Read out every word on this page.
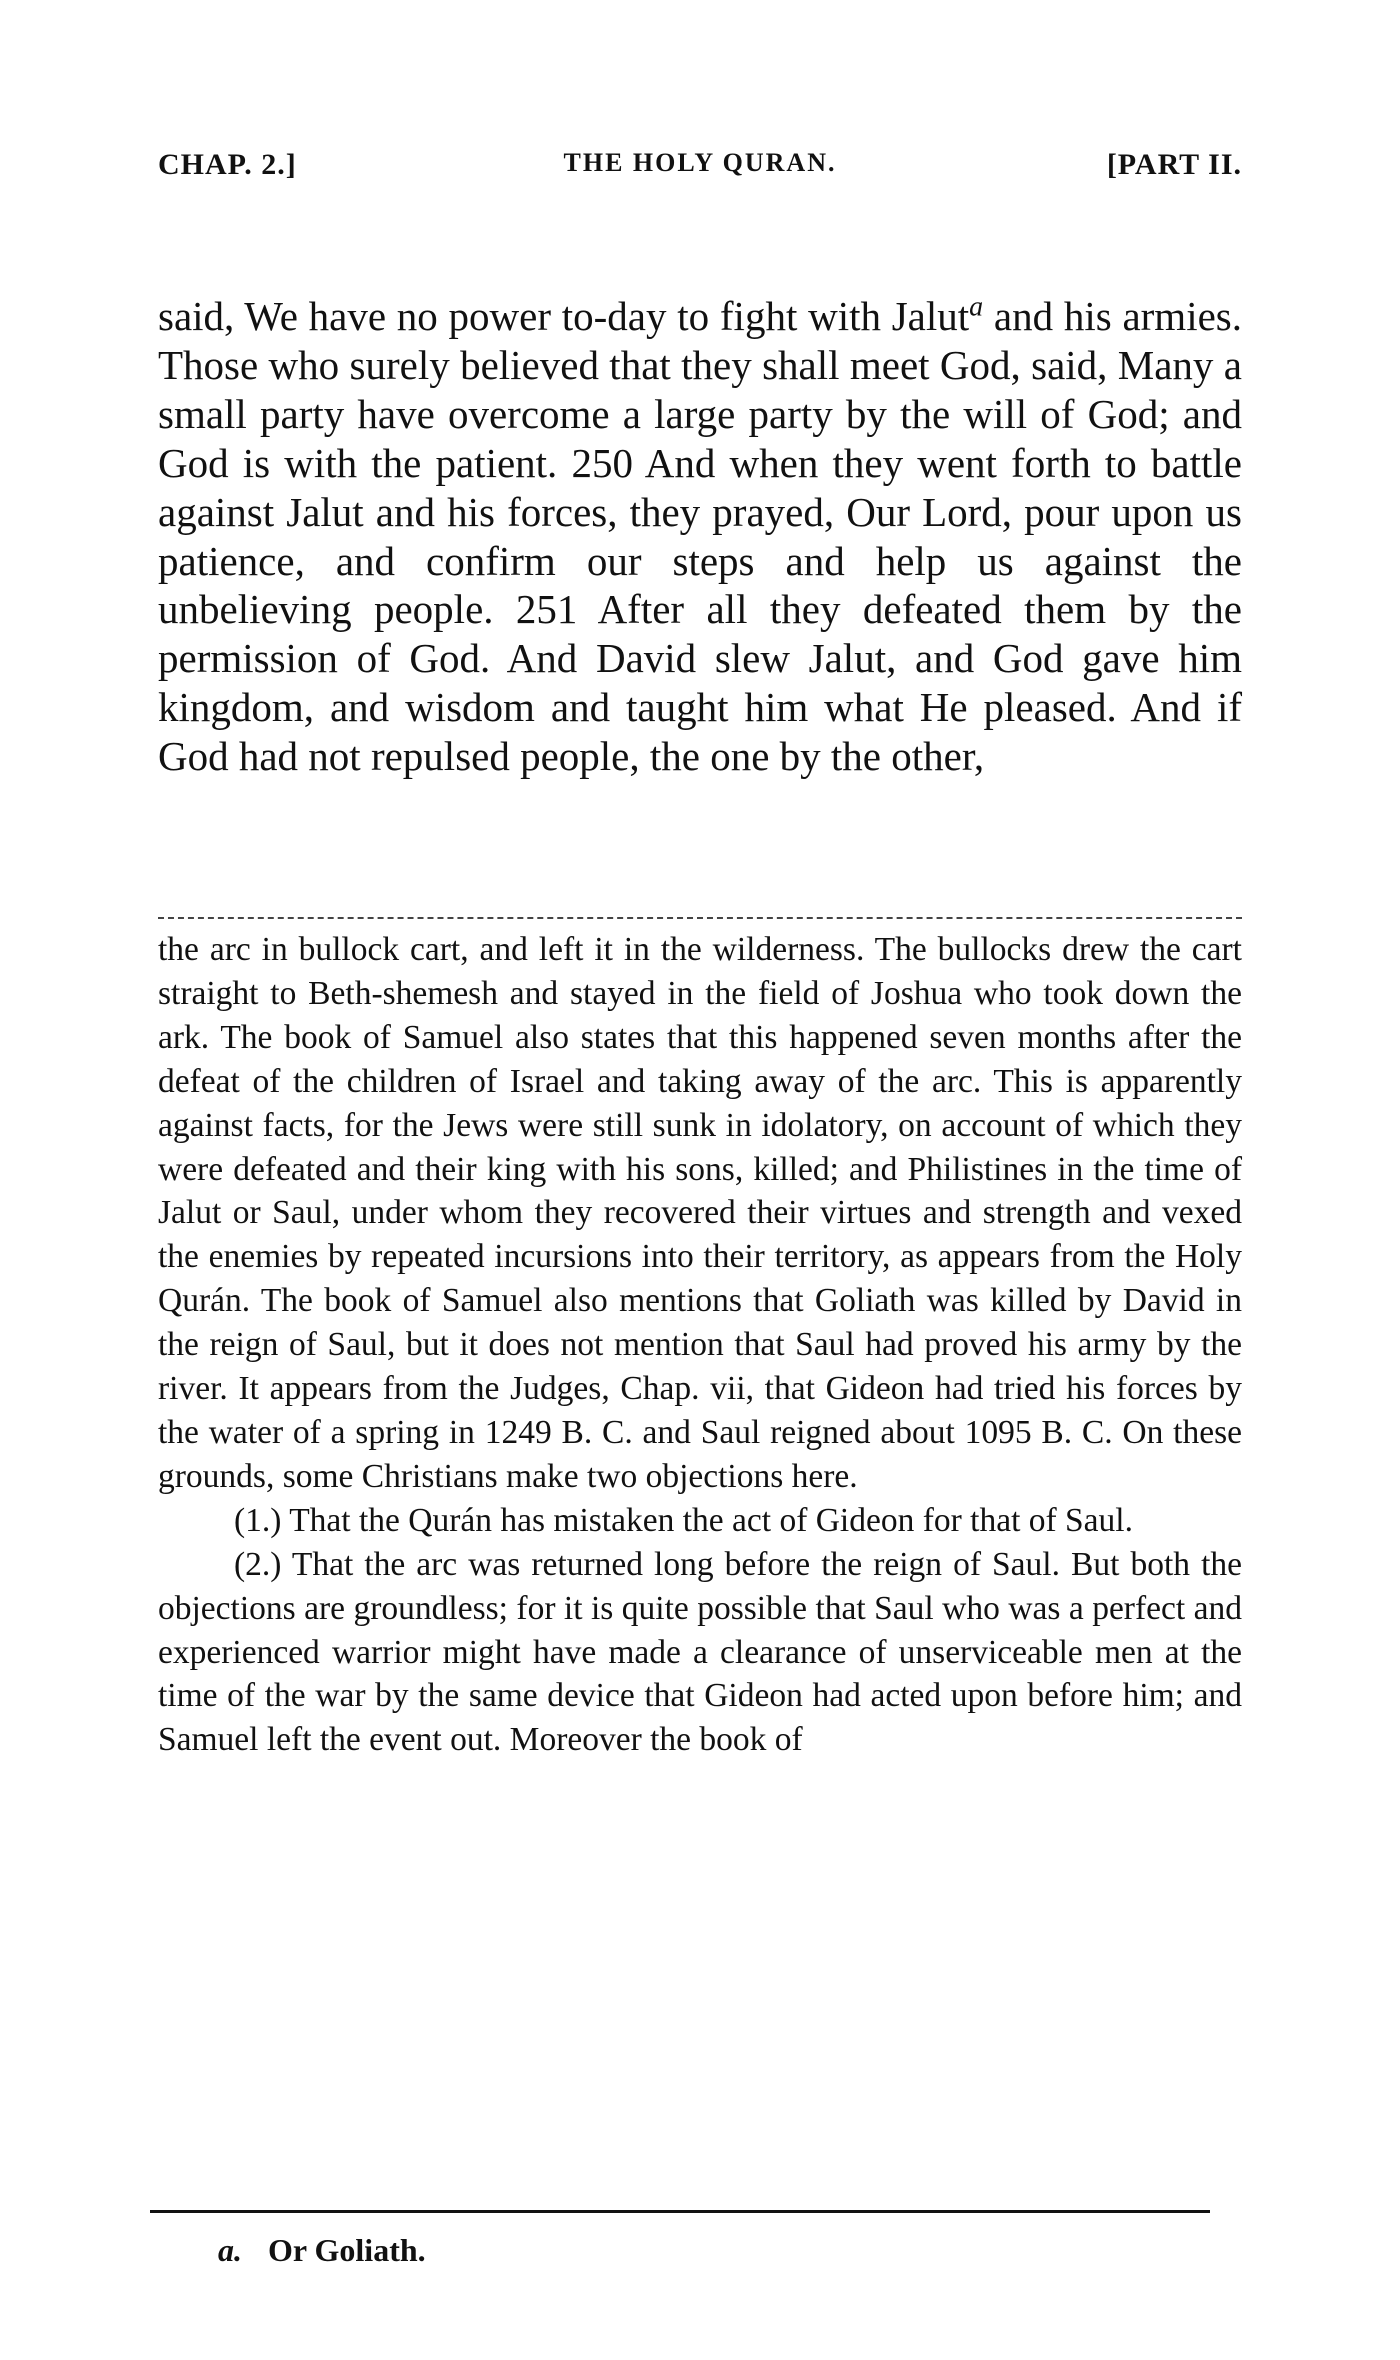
CHAP. 2.]	THE HOLY QURAN.	[PART II.
said, We have no power to-day to fight with Jalut$^a$ and his armies. Those who surely believed that they shall meet God, said, Many a small party have overcome a large party by the will of God; and God is with the patient. 250 And when they went forth to battle against Jalut and his forces, they prayed, Our Lord, pour upon us patience, and confirm our steps and help us against the unbelieving people. 251 After all they defeated them by the permission of God. And David slew Jalut, and God gave him kingdom, and wisdom and taught him what He pleased. And if God had not repulsed people, the one by the other,

the arc in bullock cart, and left it in the wilderness. The bullocks drew the cart straight to Beth-shemesh and stayed in the field of Joshua who took down the ark. The book of Samuel also states that this happened seven months after the defeat of the children of Israel and taking away of the arc. This is apparently against facts, for the Jews were still sunk in idolatory, on account of which they were defeated and their king with his sons, killed; and Philistines in the time of Jalut or Saul, under whom they recovered their virtues and strength and vexed the enemies by repeated incursions into their territory, as appears from the Holy Qurán. The book of Samuel also mentions that Goliath was killed by David in the reign of Saul, but it does not mention that Saul had proved his army by the river. It appears from the Judges, Chap. vii, that Gideon had tried his forces by the water of a spring in 1249 B. C. and Saul reigned about 1095 B. C. On these grounds, some Christians make two objections here.

(1.) That the Qurán has mistaken the act of Gideon for that of Saul.

(2.) That the arc was returned long before the reign of Saul. But both the objections are groundless; for it is quite possible that Saul who was a perfect and experienced warrior might have made a clearance of unserviceable men at the time of the war by the same device that Gideon had acted upon before him; and Samuel left the event out. Moreover the book of

a. Or Goliath.
